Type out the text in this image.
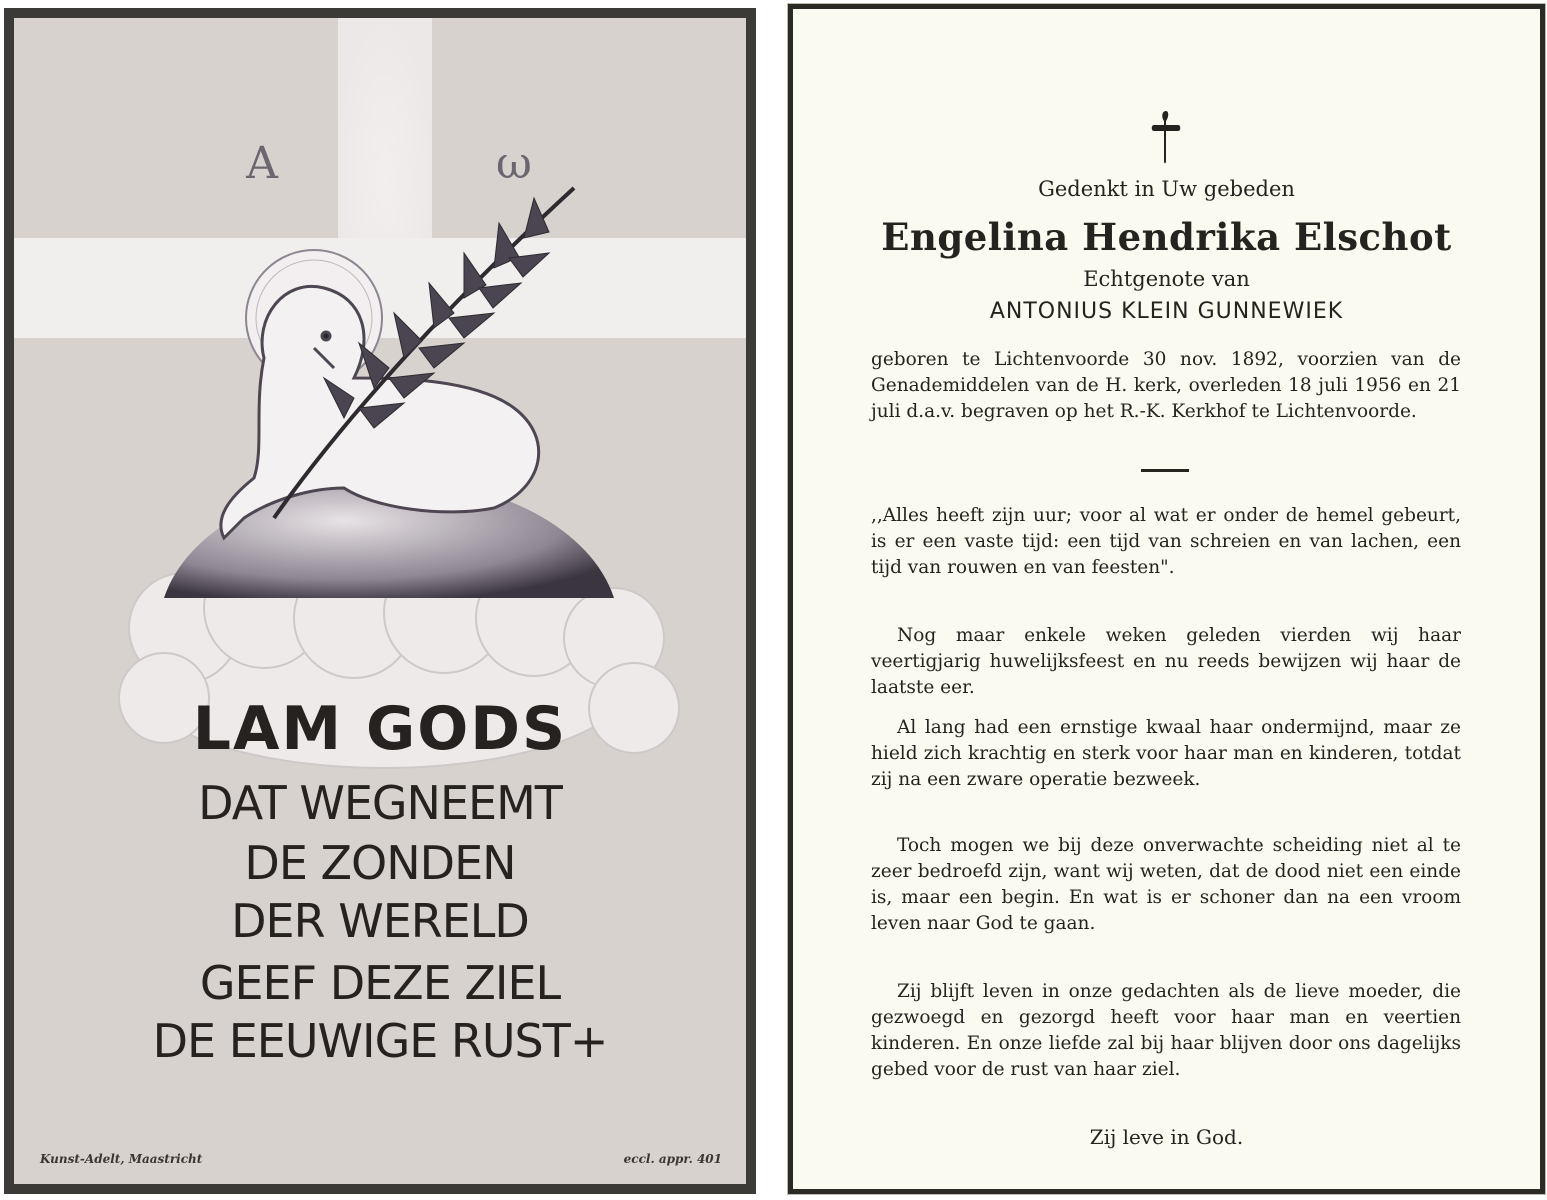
A	ω
LAM GODS
DAT WEGNEEMT
DE ZONDEN
DER WERELD
GEEF DEZE ZIEL
DE EEUWIGE RUST+
Kunst-Adelt, Maastricht	eccl. appr. 401
Gedenkt in Uw gebeden
Engelina Hendrika Elschot
Echtgenote van
ANTONIUS KLEIN GUNNEWIEK
geboren te Lichtenvoorde 30 nov. 1892, voorzien van de Genademiddelen van de H. kerk, overleden 18 juli 1956 en 21 juli d.a.v. begraven op het R.-K. Kerkhof te Lichtenvoorde.
,,Alles heeft zijn uur; voor al wat er onder de hemel gebeurt, is er een vaste tijd: een tijd van schreien en van lachen, een tijd van rouwen en van feesten".
Nog maar enkele weken geleden vierden wij haar veertigjarig huwelijksfeest en nu reeds bewijzen wij haar de laatste eer.
Al lang had een ernstige kwaal haar ondermijnd, maar ze hield zich krachtig en sterk voor haar man en kinderen, totdat zij na een zware operatie bezweek.
Toch mogen we bij deze onverwachte scheiding niet al te zeer bedroefd zijn, want wij weten, dat de dood niet een einde is, maar een begin. En wat is er schoner dan na een vroom leven naar God te gaan.
Zij blijft leven in onze gedachten als de lieve moeder, die gezwoegd en gezorgd heeft voor haar man en veertien kinderen. En onze liefde zal bij haar blijven door ons dagelijks gebed voor de rust van haar ziel.
Zij leve in God.
